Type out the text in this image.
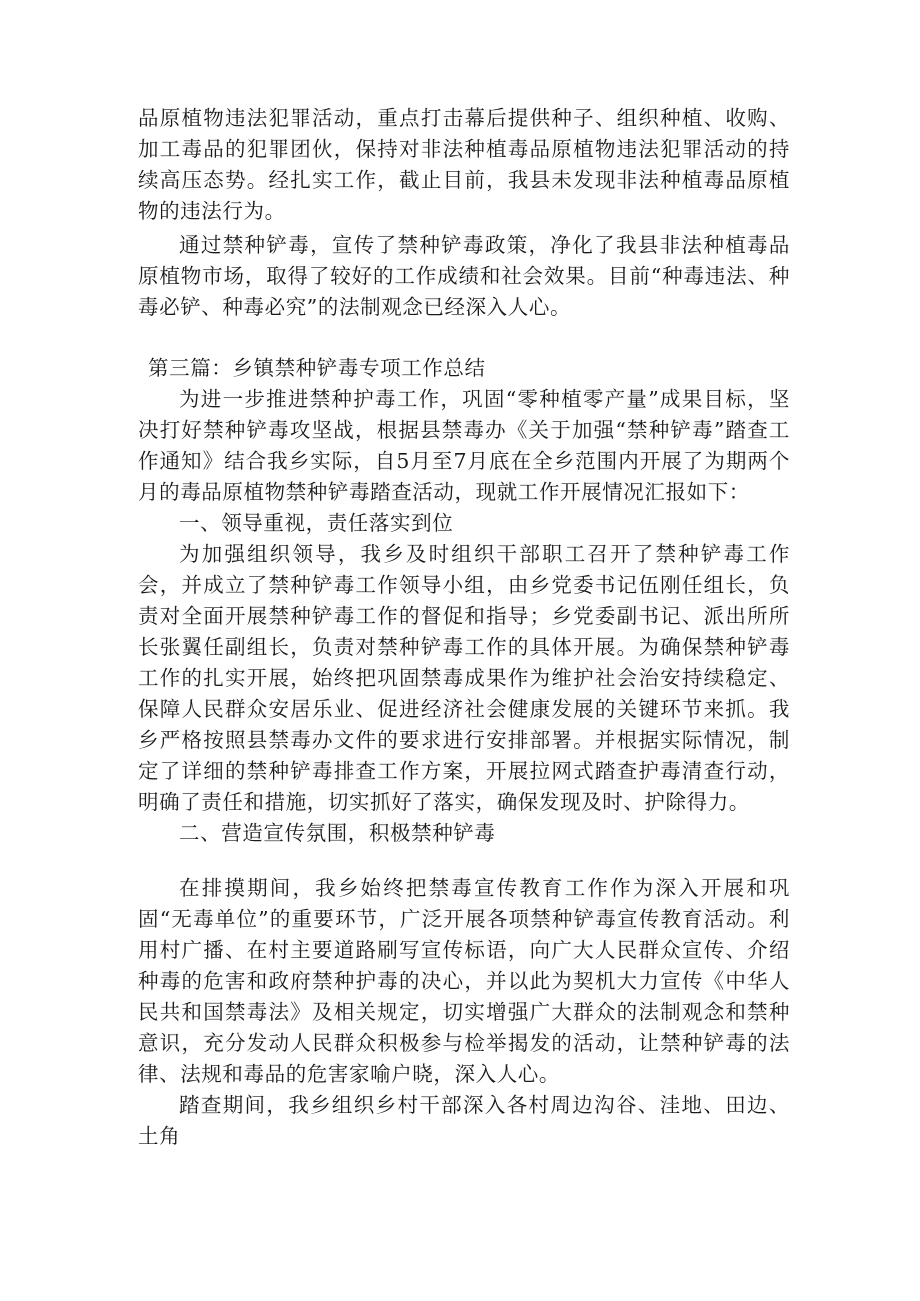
品原植物违法犯罪活动，重点打击幕后提供种子、组织种植、收购、加工毒品的犯罪团伙，保持对非法种植毒品原植物违法犯罪活动的持续高压态势。经扎实工作，截止目前，我县未发现非法种植毒品原植物的违法行为。

通过禁种铲毒，宣传了禁种铲毒政策，净化了我县非法种植毒品原植物市场，取得了较好的工作成绩和社会效果。目前“种毒违法、种毒必铲、种毒必究”的法制观念已经深入人心。

第三篇：乡镇禁种铲毒专项工作总结

为进一步推进禁种护毒工作，巩固“零种植零产量”成果目标，坚决打好禁种铲毒攻坚战，根据县禁毒办《关于加强“禁种铲毒”踏查工作通知》结合我乡实际，自5月至7月底在全乡范围内开展了为期两个月的毒品原植物禁种铲毒踏查活动，现就工作开展情况汇报如下：

一、领导重视，责任落实到位

为加强组织领导，我乡及时组织干部职工召开了禁种铲毒工作会，并成立了禁种铲毒工作领导小组，由乡党委书记伍刚任组长，负责对全面开展禁种铲毒工作的督促和指导；乡党委副书记、派出所所长张翼任副组长，负责对禁种铲毒工作的具体开展。为确保禁种铲毒工作的扎实开展，始终把巩固禁毒成果作为维护社会治安持续稳定、保障人民群众安居乐业、促进经济社会健康发展的关键环节来抓。我乡严格按照县禁毒办文件的要求进行安排部署。并根据实际情况，制定了详细的禁种铲毒排查工作方案，开展拉网式踏查护毒清查行动，明确了责任和措施，切实抓好了落实，确保发现及时、护除得力。

二、营造宣传氛围，积极禁种铲毒

在排摸期间，我乡始终把禁毒宣传教育工作作为深入开展和巩固“无毒单位”的重要环节，广泛开展各项禁种铲毒宣传教育活动。利用村广播、在村主要道路刷写宣传标语，向广大人民群众宣传、介绍种毒的危害和政府禁种护毒的决心，并以此为契机大力宣传《中华人民共和国禁毒法》及相关规定，切实增强广大群众的法制观念和禁种意识，充分发动人民群众积极参与检举揭发的活动，让禁种铲毒的法律、法规和毒品的危害家喻户晓，深入人心。

踏查期间，我乡组织乡村干部深入各村周边沟谷、洼地、田边、土角
